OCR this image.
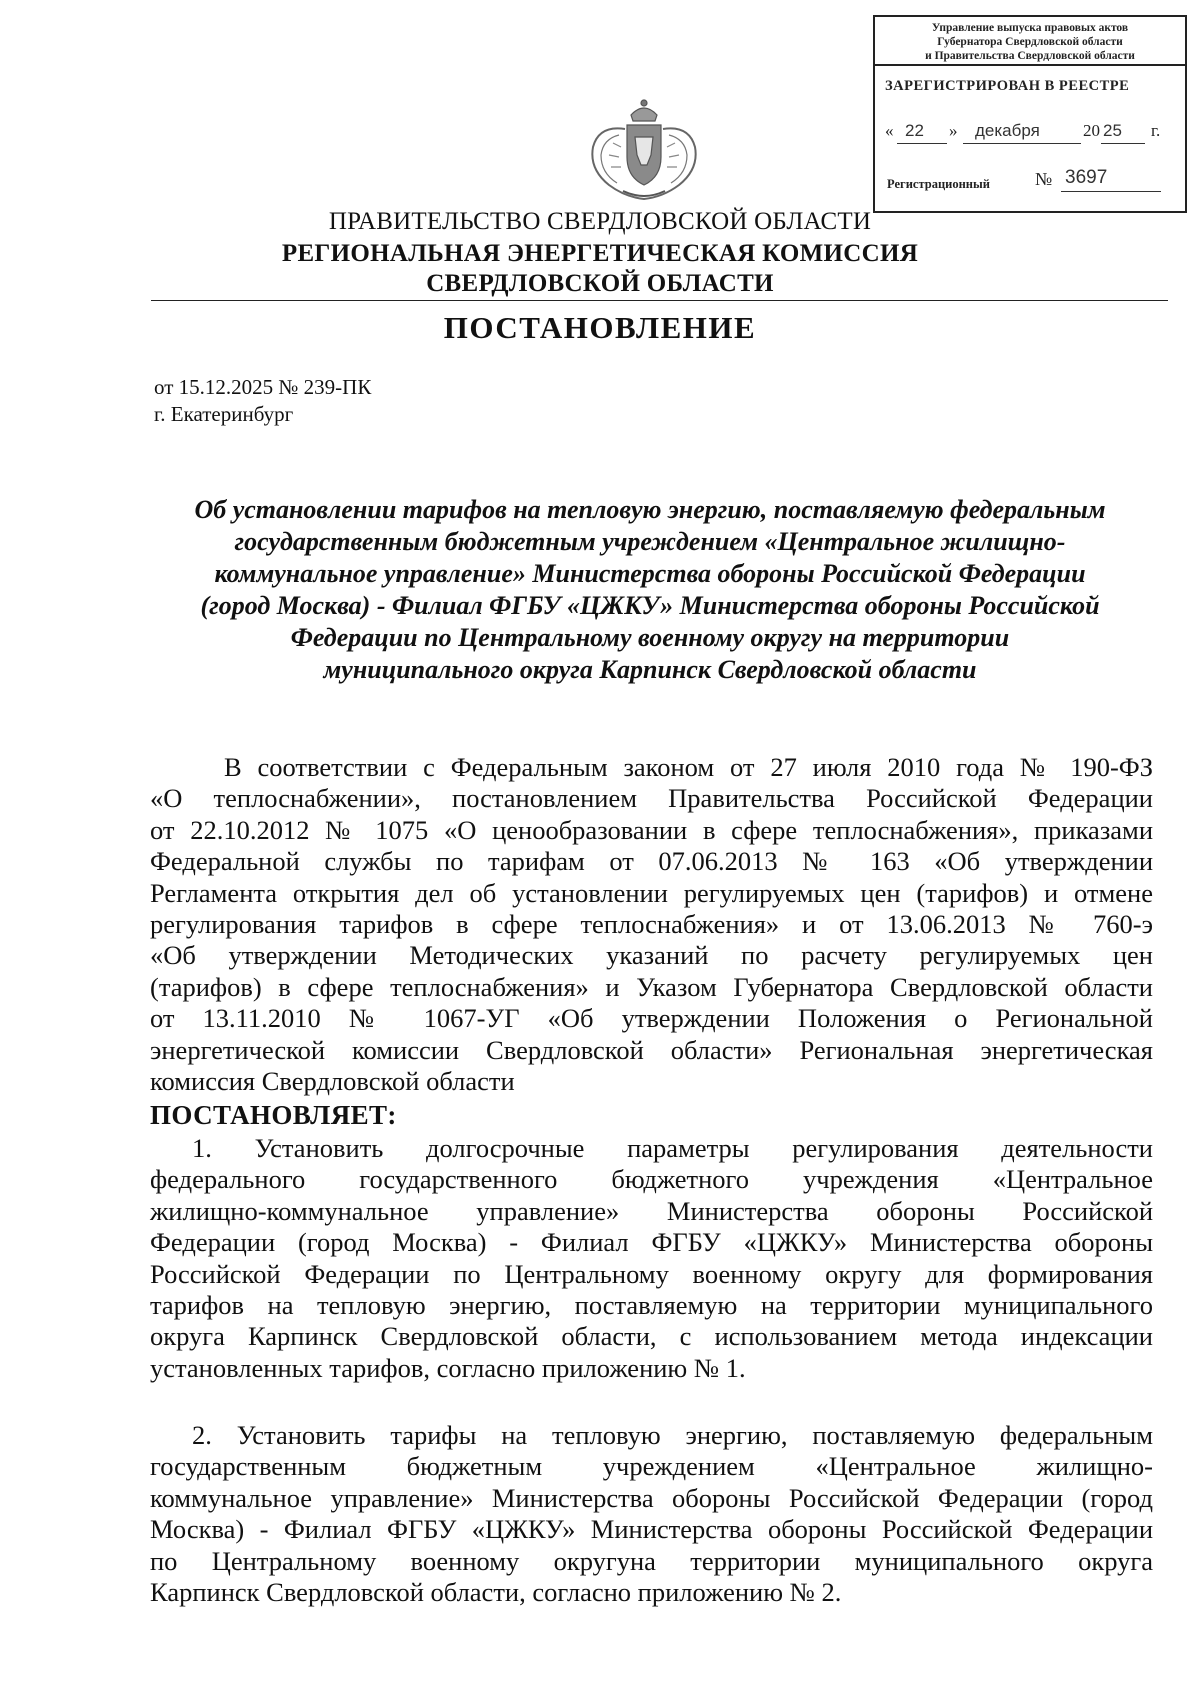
Управление выпуска правовых актов
Губернатора Свердловской области
и Правительства Свердловской области
ЗАРЕГИСТРИРОВАН В РЕЕСТРЕ
« 22 » декабря	20 25 г.
Регистрационный	№ 3697
ПРАВИТЕЛЬСТВО СВЕРДЛОВСКОЙ ОБЛАСТИ
РЕГИОНАЛЬНАЯ ЭНЕРГЕТИЧЕСКАЯ КОМИССИЯ
СВЕРДЛОВСКОЙ ОБЛАСТИ
ПОСТАНОВЛЕНИЕ
от 15.12.2025 № 239-ПК
г. Екатеринбург
Об установлении тарифов на тепловую энергию, поставляемую федеральным
государственным бюджетным учреждением «Центральное жилищно-
коммунальное управление» Министерства обороны Российской Федерации
(город Москва) - Филиал ФГБУ «ЦЖКУ» Министерства обороны Российской
Федерации по Центральному военному округу на территории
муниципального округа Карпинск Свердловской области
В соответствии с Федеральным законом от 27 июля 2010 года № 190-ФЗ
«О теплоснабжении», постановлением Правительства Российской Федерации
от 22.10.2012 № 1075 «О ценообразовании в сфере теплоснабжения», приказами
Федеральной службы по тарифам от 07.06.2013 № 163 «Об утверждении
Регламента открытия дел об установлении регулируемых цен (тарифов) и отмене
регулирования тарифов в сфере теплоснабжения» и от 13.06.2013 № 760-э
«Об утверждении Методических указаний по расчету регулируемых цен
(тарифов) в сфере теплоснабжения» и Указом Губернатора Свердловской области
от 13.11.2010 № 1067-УГ «Об утверждении Положения о Региональной
энергетической комиссии Свердловской области» Региональная энергетическая
комиссия Свердловской области
ПОСТАНОВЛЯЕТ:
1. Установить долгосрочные параметры регулирования деятельности
федерального государственного бюджетного учреждения «Центральное
жилищно-коммунальное управление» Министерства обороны Российской
Федерации (город Москва) - Филиал ФГБУ «ЦЖКУ» Министерства обороны
Российской Федерации по Центральному военному округу для формирования
тарифов на тепловую энергию, поставляемую на территории муниципального
округа Карпинск Свердловской области, с использованием метода индексации
установленных тарифов, согласно приложению № 1.
2. Установить тарифы на тепловую энергию, поставляемую федеральным
государственным бюджетным учреждением «Центральное жилищно-
коммунальное управление» Министерства обороны Российской Федерации (город
Москва) - Филиал ФГБУ «ЦЖКУ» Министерства обороны Российской Федерации
по Центральному военному округуна территории муниципального округа
Карпинск Свердловской области, согласно приложению № 2.
